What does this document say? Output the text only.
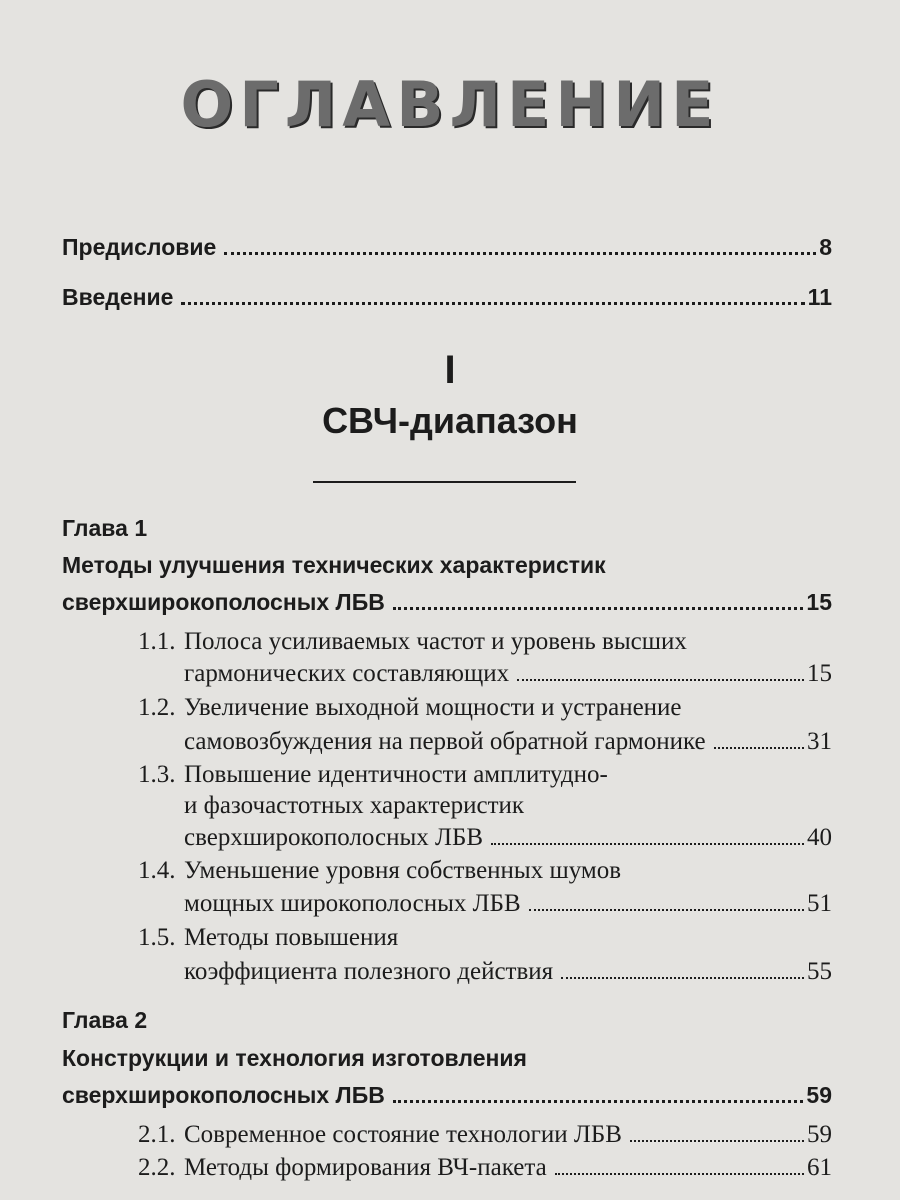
ОГЛАВЛЕНИЕ
Предисловие	8
Введение	11
I
СВЧ-диапазон
Глава 1
Методы улучшения технических характеристик
сверхширокополосных ЛБВ	15
1.1. Полоса усиливаемых частот и уровень высших
гармонических составляющих	15
1.2. Увеличение выходной мощности и устранение
самовозбуждения на первой обратной гармонике	31
1.3. Повышение идентичности амплитудно-
и фазочастотных характеристик
сверхширокополосных ЛБВ	40
1.4. Уменьшение уровня собственных шумов
мощных широкополосных ЛБВ	51
1.5. Методы повышения
коэффициента полезного действия	55
Глава 2
Конструкции и технология изготовления
сверхширокополосных ЛБВ	59
2.1. Современное состояние технологии ЛБВ	59
2.2. Методы формирования ВЧ-пакета	61
